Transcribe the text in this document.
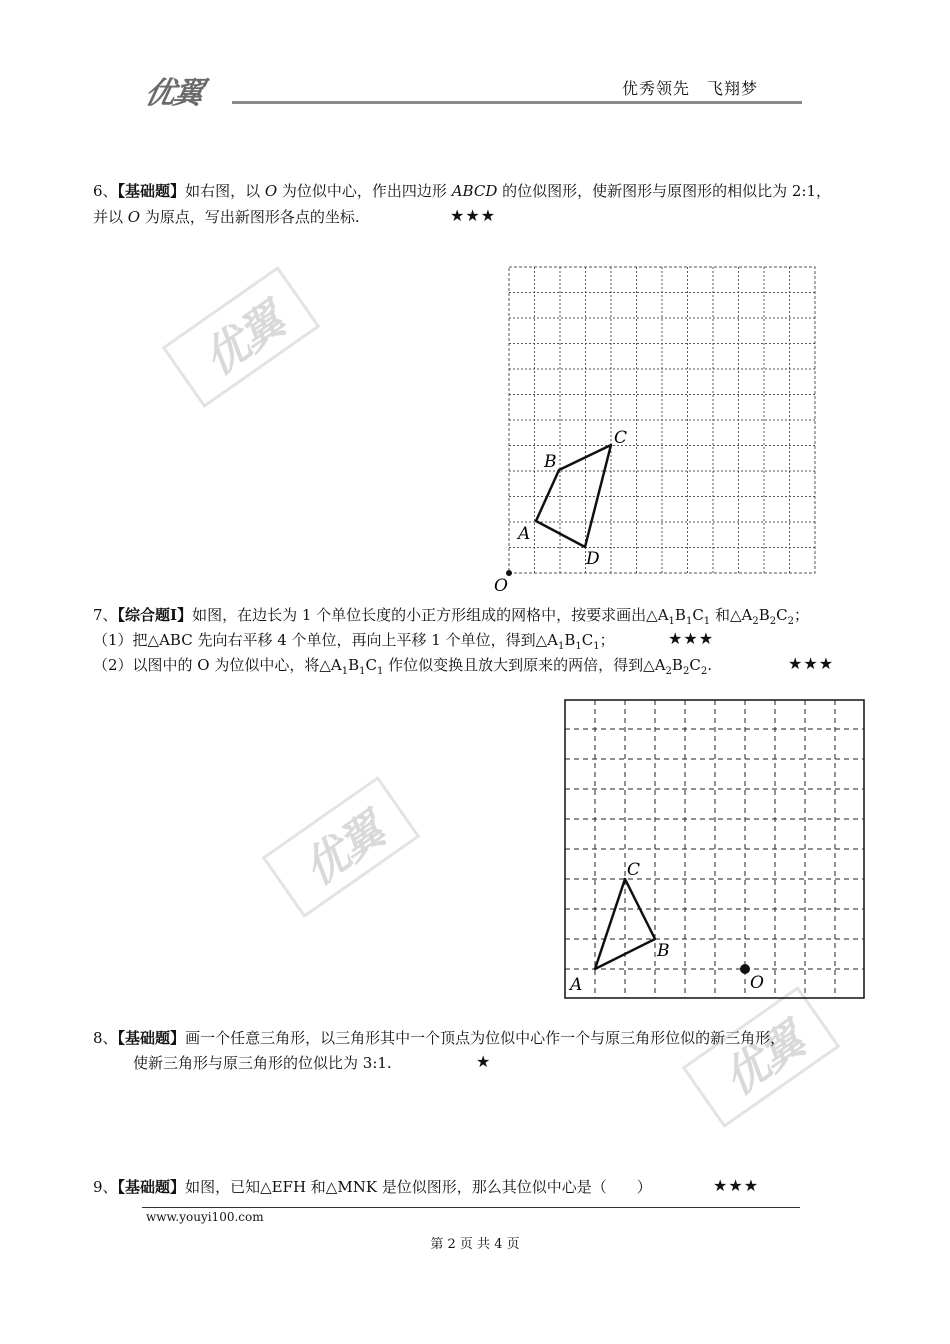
优翼	优秀领先　飞翔梦
优翼
优翼
优翼
6、【基础题】如右图，以 O 为位似中心，作出四边形 ABCD 的位似图形，使新图形与原图形的相似比为 2:1，
并以 O 为原点，写出新图形各点的坐标.	★★★
A
B
C
D
O
7、【综合题Ⅰ】如图，在边长为 1 个单位长度的小正方形组成的网格中，按要求画出$\triangle A_1B_1C_1$ 和$\triangle A_2B_2C_2$；
（1）把△ABC 先向右平移 4 个单位，再向上平移 1 个单位，得到$\triangle A_1B_1C_1$；	★★★
（2）以图中的 O 为位似中心，将$\triangle A_1B_1C_1$ 作位似变换且放大到原来的两倍，得到$\triangle A_2B_2C_2$.	★★★
A
B
C
O
8、【基础题】画一个任意三角形，以三角形其中一个顶点为位似中心作一个与原三角形位似的新三角形，
使新三角形与原三角形的位似比为 3:1.	★
9、【基础题】如图，已知△EFH 和△MNK 是位似图形，那么其位似中心是（　　）	★★★
www.youyi100.com
第 2 页 共 4 页
